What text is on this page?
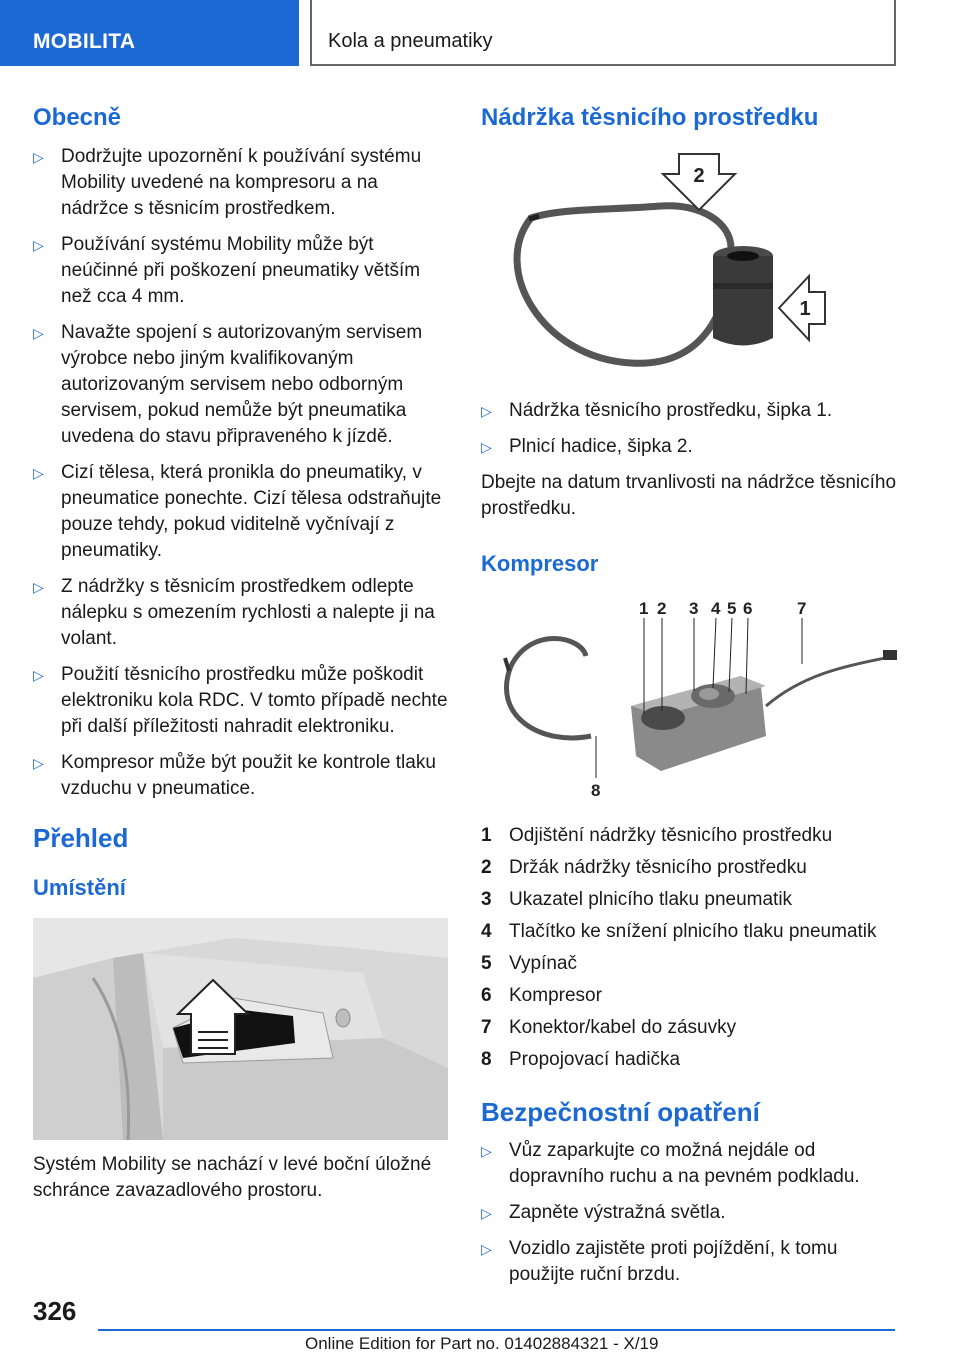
MOBILITA	Kola a pneumatiky
Obecně
▷ Dodržujte upozornění k používání systému Mobility uvedené na kompresoru a na nádržce s těsnicím prostředkem.
▷ Používání systému Mobility může být neúčinné při poškození pneumatiky větším než cca 4 mm.
▷ Navažte spojení s autorizovaným servisem výrobce nebo jiným kvalifikovaným autorizovaným servisem nebo odborným servisem, pokud nemůže být pneumatika uvedena do stavu připraveného k jízdě.
▷ Cizí tělesa, která pronikla do pneumatiky, v pneumatice ponechte. Cizí tělesa odstraňujte pouze tehdy, pokud viditelně vyčnívají z pneumatiky.
▷ Z nádržky s těsnicím prostředkem odlepte nálepku s omezením rychlosti a nalepte ji na volant.
▷ Použití těsnicího prostředku může poškodit elektroniku kola RDC. V tomto případě nechte při další příležitosti nahradit elektroniku.
▷ Kompresor může být použit ke kontrole tlaku vzduchu v pneumatice.
Přehled
Umístění

Systém Mobility se nachází v levé boční úložné schránce zavazadlového prostoru.

Nádržka těsnicího prostředku
2
1
▷ Nádržka těsnicího prostředku, šipka 1.
▷ Plnicí hadice, šipka 2.

Dbejte na datum trvanlivosti na nádržce těsnicího prostředku.

Kompresor
1 2 3 4 5 6	7
8
1 Odjištění nádržky těsnicího prostředku
2 Držák nádržky těsnicího prostředku
3 Ukazatel plnicího tlaku pneumatik
4 Tlačítko ke snížení plnicího tlaku pneumatik
5 Vypínač
6 Kompresor
7 Konektor/kabel do zásuvky
8 Propojovací hadička
Bezpečnostní opatření
▷ Vůz zaparkujte co možná nejdále od dopravního ruchu a na pevném podkladu.
▷ Zapněte výstražná světla.
▷ Vozidlo zajistěte proti pojíždění, k tomu použijte ruční brzdu.
326
Online Edition for Part no. 01402884321 - X/19
